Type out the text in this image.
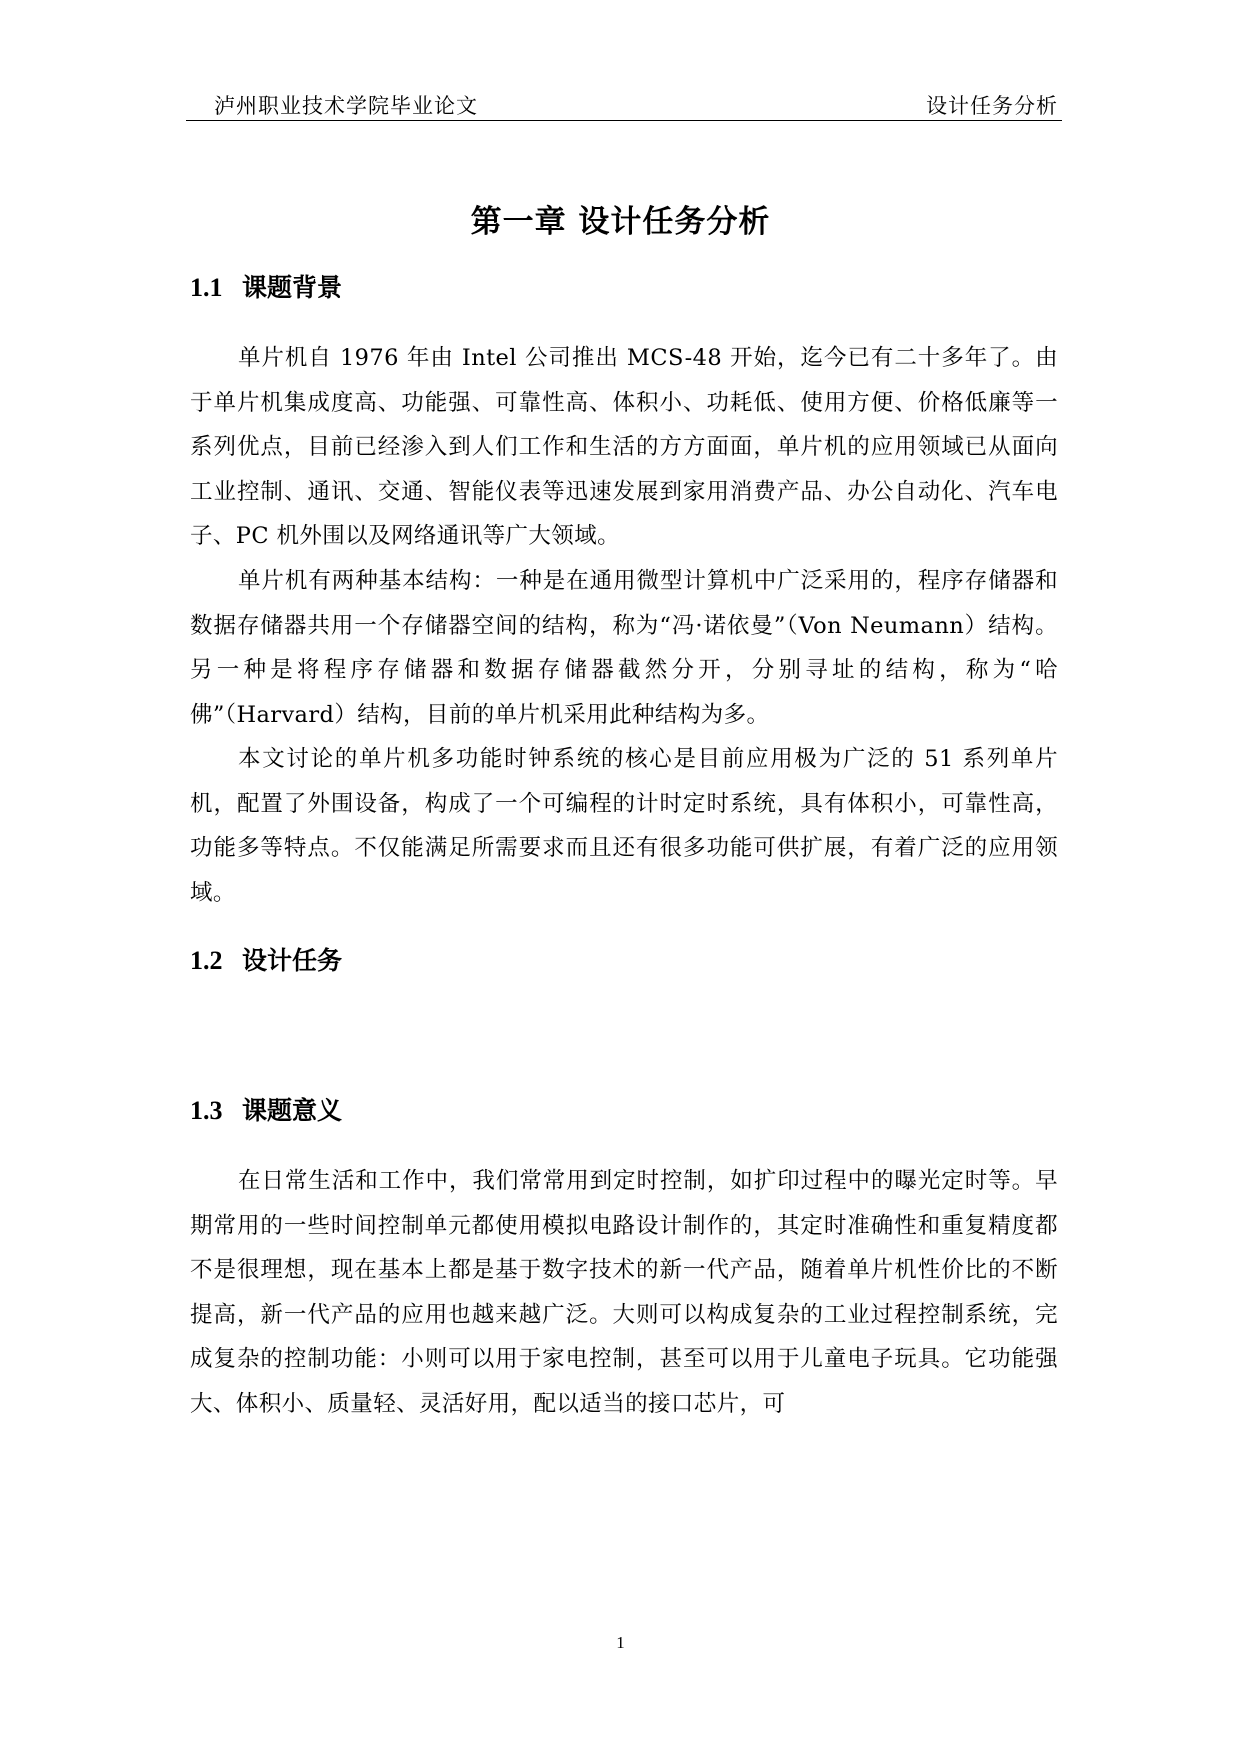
泸州职业技术学院毕业论文	设计任务分析
第一章 设计任务分析
1.1 课题背景
单片机自 1976 年由 Intel 公司推出 MCS-48 开始，迄今已有二十多年了。由于单片机集成度高、功能强、可靠性高、体积小、功耗低、使用方便、价格低廉等一系列优点，目前已经渗入到人们工作和生活的方方面面，单片机的应用领域已从面向工业控制、通讯、交通、智能仪表等迅速发展到家用消费产品、办公自动化、汽车电子、PC 机外围以及网络通讯等广大领域。
单片机有两种基本结构：一种是在通用微型计算机中广泛采用的，程序存储器和数据存储器共用一个存储器空间的结构，称为“冯·诺依曼”（Von Neumann）结构。另一种是将程序存储器和数据存储器截然分开，分别寻址的结构，称为“哈佛”（Harvard）结构，目前的单片机采用此种结构为多。
本文讨论的单片机多功能时钟系统的核心是目前应用极为广泛的 51 系列单片机，配置了外围设备，构成了一个可编程的计时定时系统，具有体积小，可靠性高，功能多等特点。不仅能满足所需要求而且还有很多功能可供扩展，有着广泛的应用领域。
1.2 设计任务
1.3 课题意义
在日常生活和工作中，我们常常用到定时控制，如扩印过程中的曝光定时等。早期常用的一些时间控制单元都使用模拟电路设计制作的，其定时准确性和重复精度都不是很理想，现在基本上都是基于数字技术的新一代产品，随着单片机性价比的不断提高，新一代产品的应用也越来越广泛。大则可以构成复杂的工业过程控制系统，完成复杂的控制功能：小则可以用于家电控制，甚至可以用于儿童电子玩具。它功能强大、体积小、质量轻、灵活好用，配以适当的接口芯片，可
1
